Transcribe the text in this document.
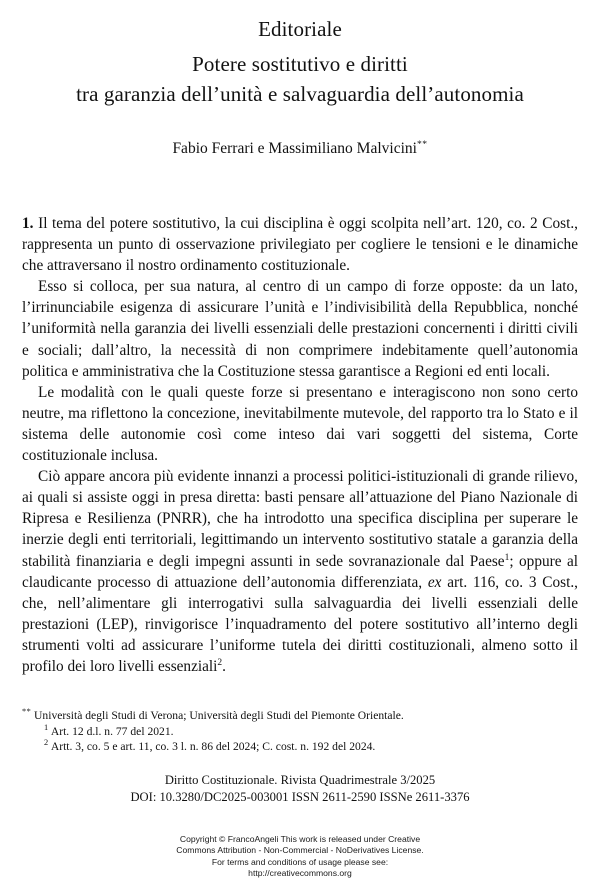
Editoriale
Potere sostitutivo e diritti
tra garanzia dell’unità e salvaguardia dell’autonomia
Fabio Ferrari e Massimiliano Malvicini**

1. Il tema del potere sostitutivo, la cui disciplina è oggi scolpita nell’art. 120, co. 2 Cost., rappresenta un punto di osservazione privilegiato per cogliere le tensioni e le dinamiche che attraversano il nostro ordinamento costituzionale.

Esso si colloca, per sua natura, al centro di un campo di forze opposte: da un lato, l’irrinunciabile esigenza di assicurare l’unità e l’indivisibilità della Repubblica, nonché l’uniformità nella garanzia dei livelli essenziali delle prestazioni concernenti i diritti civili e sociali; dall’altro, la necessità di non comprimere indebitamente quell’autonomia politica e amministrativa che la Costituzione stessa garantisce a Regioni ed enti locali.

Le modalità con le quali queste forze si presentano e interagiscono non sono certo neutre, ma riflettono la concezione, inevitabilmente mutevole, del rapporto tra lo Stato e il sistema delle autonomie così come inteso dai vari soggetti del sistema, Corte costituzionale inclusa.

Ciò appare ancora più evidente innanzi a processi politici-istituzionali di grande rilievo, ai quali si assiste oggi in presa diretta: basti pensare all’attuazione del Piano Nazionale di Ripresa e Resilienza (PNRR), che ha introdotto una specifica disciplina per superare le inerzie degli enti territoriali, legittimando un intervento sostitutivo statale a garanzia della stabilità finanziaria e degli impegni assunti in sede sovranazionale dal Paese$^1$; oppure al claudicante processo di attuazione dell’autonomia differenziata, ex art. 116, co. 3 Cost., che, nell’alimentare gli interrogativi sulla salvaguardia dei livelli essenziali delle prestazioni (LEP), rinvigorisce l’inquadramento del potere sostitutivo all’interno degli strumenti volti ad assicurare l’uniforme tutela dei diritti costituzionali, almeno sotto il profilo dei loro livelli essenziali$^2$.

** Università degli Studi di Verona; Università degli Studi del Piemonte Orientale.

$^1$ Art. 12 d.l. n. 77 del 2021.

$^2$ Artt. 3, co. 5 e art. 11, co. 3 l. n. 86 del 2024; C. cost. n. 192 del 2024.

Diritto Costituzionale. Rivista Quadrimestrale 3/2025
DOI: 10.3280/DC2025-003001 ISSN 2611-2590 ISSNe 2611-3376
Copyright © FrancoAngeli This work is released under Creative
Commons Attribution - Non-Commercial - NoDerivatives License.
For terms and conditions of usage please see:
http://creativecommons.org
